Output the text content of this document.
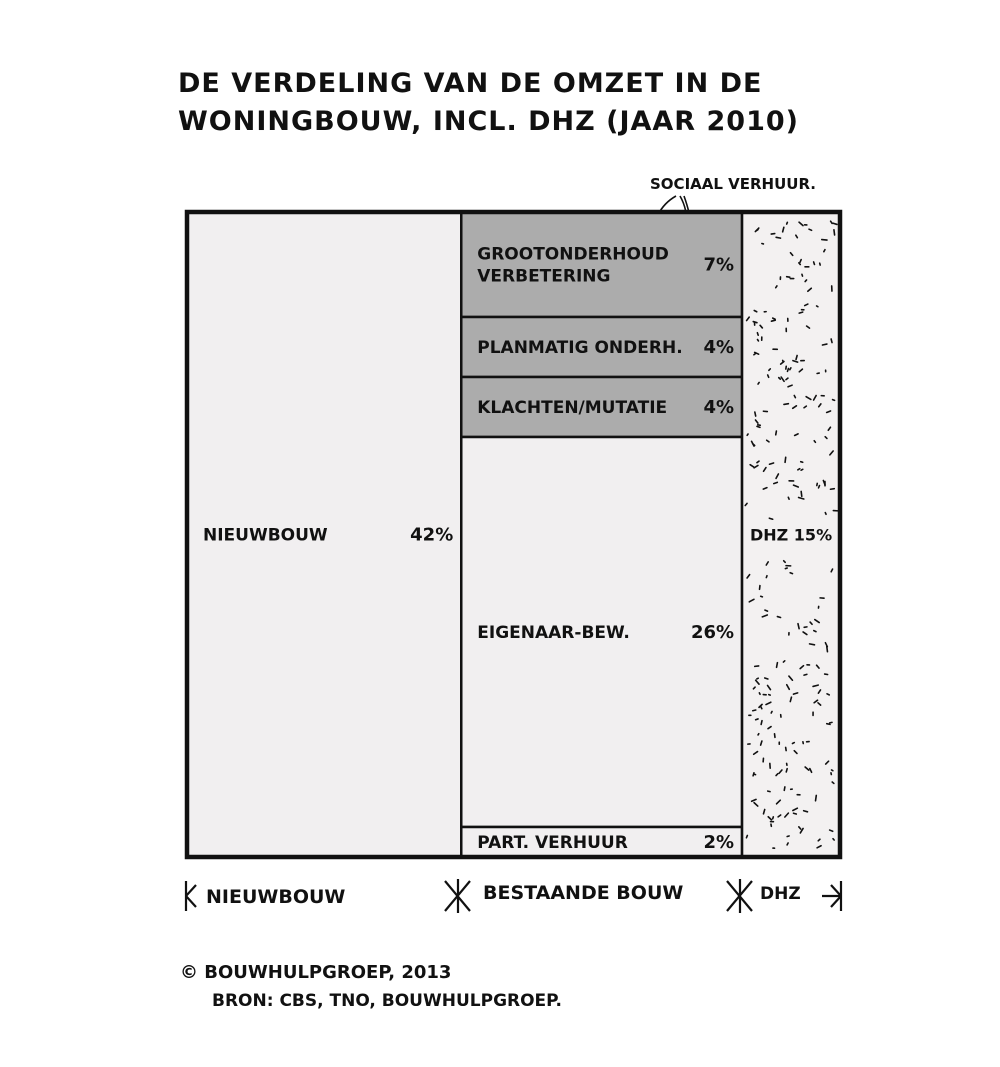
DE VERDELING VAN DE OMZET IN DE
WONINGBOUW, INCL. DHZ (JAAR 2010)
SOCIAAL VERHUUR.
NIEUWBOUW	42%
GROOTONDERHOUD
VERBETERING
7%
PLANMATIG ONDERH. 4%
KLACHTEN/MUTATIE 4%
EIGENAAR-BEW.	26%
PART. VERHUUR	2%
DHZ 15%
NIEUWBOUW	BESTAANDE BOUW	DHZ
© BOUWHULPGROEP, 2013
BRON: CBS, TNO, BOUWHULPGROEP.
